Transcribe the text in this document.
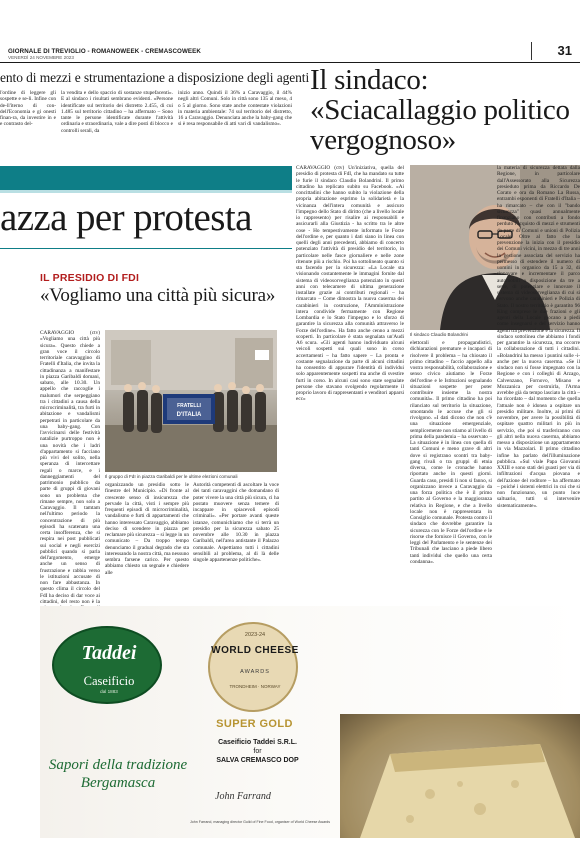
GIORNALE DI TREVIGLIO - ROMANOWEEK - CREMASCOWEEK
VENERDÌ 24 NOVEMBRE 2023	31
ento di mezzi e strumentazione a disposizione degli agenti

l'ordine di leggere gli sospette e se-li. Infine con de-ll'iterno di con-dell'Economia e gi onesti finan-ra, da investire in e e contrasto del-

la vendita e dello spaccio di sostanze stupefacenti». E al sindaco i risultati sembrano evidenti. «Persone identificate sul territorio dei distretto 2.455, di cui 1.485 sul territorio cittadino – ha affermato – Sono tante le persone identificate durante l'attività ordinaria e straordinaria, vale a dire posti di blocco e controlli serali, da

inizio anno. Quindi il 36% a Caravaggio, il 44% negli altri Comuni. Solo in città sono 135 al meso, 4 o 5 al giorno. Sono state anche contestate violazioni in materia ambientale: 74 sul territorio del distretto, 16 a Caravaggio. Denunciata anche la baby-gang che si è resa responsabile di atti vari di vandalismo».

Il sindaco: «Sciacallaggio politico vergognoso»
azza per protesta
IL PRESIDIO DI FDI
«Vogliamo una città più sicura»

CARAVAGGIO (ctv) «Vogliamo una città più sicura». Questo chiede a gran voce il circolo territoriale caravaggino di Fratelli d'Italia, che invita la cittadinanza a manifestare in piazza Garibaldi domani, sabato, alle 10.30. Un appello che raccoglie i malumori che serpeggiano tra i cittadini a causa della microcriminalità, tra furti in abitazione e vandalismi perpetrati in particolare da una baby-gang. Con l'avvicinarsi delle festività natalizie purtroppo non è una novità che i ladri d'appartamento si facciano più vivi del solito, nella speranza di intercettare regali o marce, e i danneggiamenti del patrimonio pubblico da parte di gruppi di giovani sono un problema che rimane sempre, non solo a Caravaggio. Il tamtam nell'ultimo periodo la concentrazione di più episodi ha scatenato una certa insofferenza, che si respira nei post pubblicati sui social e negli esercizi pubblici quando si parla dell'argomento, emerge anche un senso di frustrazione e rabbia verso le istituzioni accusate di non fare abbastanza. In questo clima il circolo del FdI ha deciso di dar voce ai cittadini, del resto non è la

FRATELLI
D'ITALIA
Il gruppo di FdI in piazza Garibaldi per le ultime elezioni comunali

organizzando un presidio sotto le finestre del Municipio. «Di fronte al crescente senso di insicurezza che pervade la città, visti i sempre più frequenti episodi di microcriminalità, vandalismo e furti di appartamenti che hanno interessato Caravaggio, abbiamo deciso di scendere in piazza per reclamare più sicurezza – si legge in un comunicato – Da troppo tempo denunciamo il gradual degrado che sta interessando la nostra città, ma nessuno sembra farsene carico. Per questo abbiamo chiesto un segnale e chiedere alle

Autorità competenti di ascoltare la voce dei tanti caravaggini che domandano di poter vivere la una città più sicura, ci ha postato muovere senza temere di incappare in spiacevoli episodi criminali». «Per portare avanti queste istanze, comunichiamo che si terrà un presidio per la sicurezza sabato 25 novembre alle 10.30 in piazza Garibaldi, nell'area antistante il Palazzo comunale. Aspettiamo tutti i cittadini sensibili al problema, al di là delle singole appartenenze politiche».

CARAVAGGIO (ctv) Un'iniziativa, quella del presidio di protesta di FdI, che ha mandato su tutte le furie il sindaco Claudio Bolandrini. Il primo cittadino ha replicato subito su Facebook. «Ai concittadini che hanno subito la violazione della propria abitazione esprimo la solidarietà e la vicinanza dell'intera comunità e assicuro l'impegno dello Stato di diritto (che a livello locale io rappresento) per risalire ai responsabili e assicurarli alla Giustizia - ha scritto tra le altre cose - Ho tempestivamente informato le Forze dell'ordine e, per quanto i dati siano in linea con quelli degli anni precedenti, abbiamo di concerto potenziato l'attività di presidio del territorio, in particolare nelle fasce giornaliere e nelle zone ritenute più a rischio. Poi ha sottolineato quanto si sta facendo per la sicurezza: «La Locale sta visionando costantemente le immagini fornite dal sistema di videosorveglianza potenziato in questi anni con telecamere di ultima generazione installate grazie ai contributi regionali – ha rimarcato – Come dimostra la nuova caserma dei carabinieri in costruzione, l'Amministrazione intera condivide fermamente con Regione Lombardia e lo Stato l'impegno e lo sforzo di garantire la sicurezza alla comunità attraverso le Forze dell'ordine». Ha fatto anche cenno a mezzi scoperti. In particolare è stata segnalata un'Audi A6 scura. «Gli agenti hanno individuato alcuni veicoli sospetti sui quali sono in corso accertamenti – ha fatto sapere – La pronta e costante segnalazione da parte di alcuni cittadini ha consentito di appurare l'identità di individui solo apparentemente sospetti ma anche di svestire furti in corso. In alcuni casi sono state segnalate persone che stavano svolgendo regolarmente il proprio lavoro di rappresentanti e venditori apparsi ecc»

Il sindaco Claudio Bolandrini

elettorali e propagandistici, dichiarazioni premature e incapaci di risolvere il problema – ha chiosato il primo cittadino – faccio appello alla vostra responsabilità, collaborazione e senso civico aiutiamo le Forze dell'ordine e le Istituzioni segnalando situazioni sospette per poter contribuire insieme la nostra comunità». Il primo cittadino ha poi rilanciato sul territorio la situazione, smontando le accuse che gli si rivolgono. «I dati dicono che non c'è una situazione emergenziale, semplicemente non stiamo al livello di prima della pandemia – ha osservato – La situazione è in linea con quella di tanti Comuni e meno grave di altri dove si registrano scontri tra baby-gang rivali o tra gruppi di etnia diversa, come le cronache hanno riportato anche in questi giorni. Guarda caso, presidi li non si fanno, si organizzano invece a Caravaggio da una forza politica che è il primo partito al Governo e la maggioranza relativa in Regione, e che a livello locale non è rappresentata in Consiglio comunale. Protesta contro il sindaco che dovrebbe garantire la sicurezza con le Forze dell'ordine e le risorse che fornisce il Governo, con le leggi del Parlamento e le sentenze dei Tribunali che lasciano a piede libero tanti individui che quello una certa condanna».

la materia di sicurezza dettata dalla Regione, in particolare dall'Assessorato alla Sicurezza presieduto prima da Riccardo De Corato e ora da Romano La Russa, entrambi esponenti di Fratelli d'Italia – ha rimarcato – che con il "bando sicurezza" quasi annualmente finanziano con contributi a fondo perduto l'acquisto di mezzi e strumenti da parte di Comuni e unioni di Polizia Locale. Oltre al fatto che la prevenzione la inizia con il presidio dei Comuni vicini, in mezzo di tre anni la gestione associata del servizio ha permesso di estendere il numero di uomini in organico da 15 a 32, di rinnovare e incrementare il parco automobili a disposizione da tre a sette, di potenziare e innovare il sistema di videosorveglianza di cui si servono anche carabinieri e Polizia di Stato. Il nostro territorio è garantito 96 King comprese le due frazioni e gli agenti della Locale giocano a piedi come insegnarsi e del servizio hanno agenti tra prevenzione e la sicurezza. Il sindaco sottolinea che abbiamo i fondi per garantire la sicurezza, ma occorre la collaborazione di tutti i cittadini. «Bolandrini ha messo i puntini sulle -i- anche per la nuova caserma. «Se il sindaco non si fosse impegnato con la Regione e con i colleghi di Arzago, Calvenzano, Fornovo, Misano e Mozzanica per costruirla, l'Arma avrebbe già da tempo lasciato la città – ha ricordato – dal momento che quella l'attuale non è idonea a ospitare un presidio militare. Inoltre, ai primi di novembre, per avere la possibilità di ospitare quattro militari in più in servizio, che poi si trasferiranno con gli altri nella nuova caserma, abbiamo messo a disposizione un appartamento in via Mazzolari. Il primo cittadino infine ha parlato dell'illuminazione pubblica. «Sul viale Papa Giovanni XXIII e sono stati dei guasti per via di infiltrazioni d'acqua piovana e dell'azione del roditore – ha affermato – poiché i sistemi elettrici in cui che si non funzionano, un punto luce saltuario, tutti si intervenire sistematicamente».

Taddei
Caseificio
dal 1883
Sapori della tradizione Bergamasca
2023-24
WORLD CHEESE
AWARDS
TRONDHEIM · NORWAY
SUPER GOLD
Caseificio Taddei S.R.L.
for
SALVA CREMASCO DOP
John Farrand
John Farrand, managing director Guild of Fine Food, organiser of World Cheese Awards
